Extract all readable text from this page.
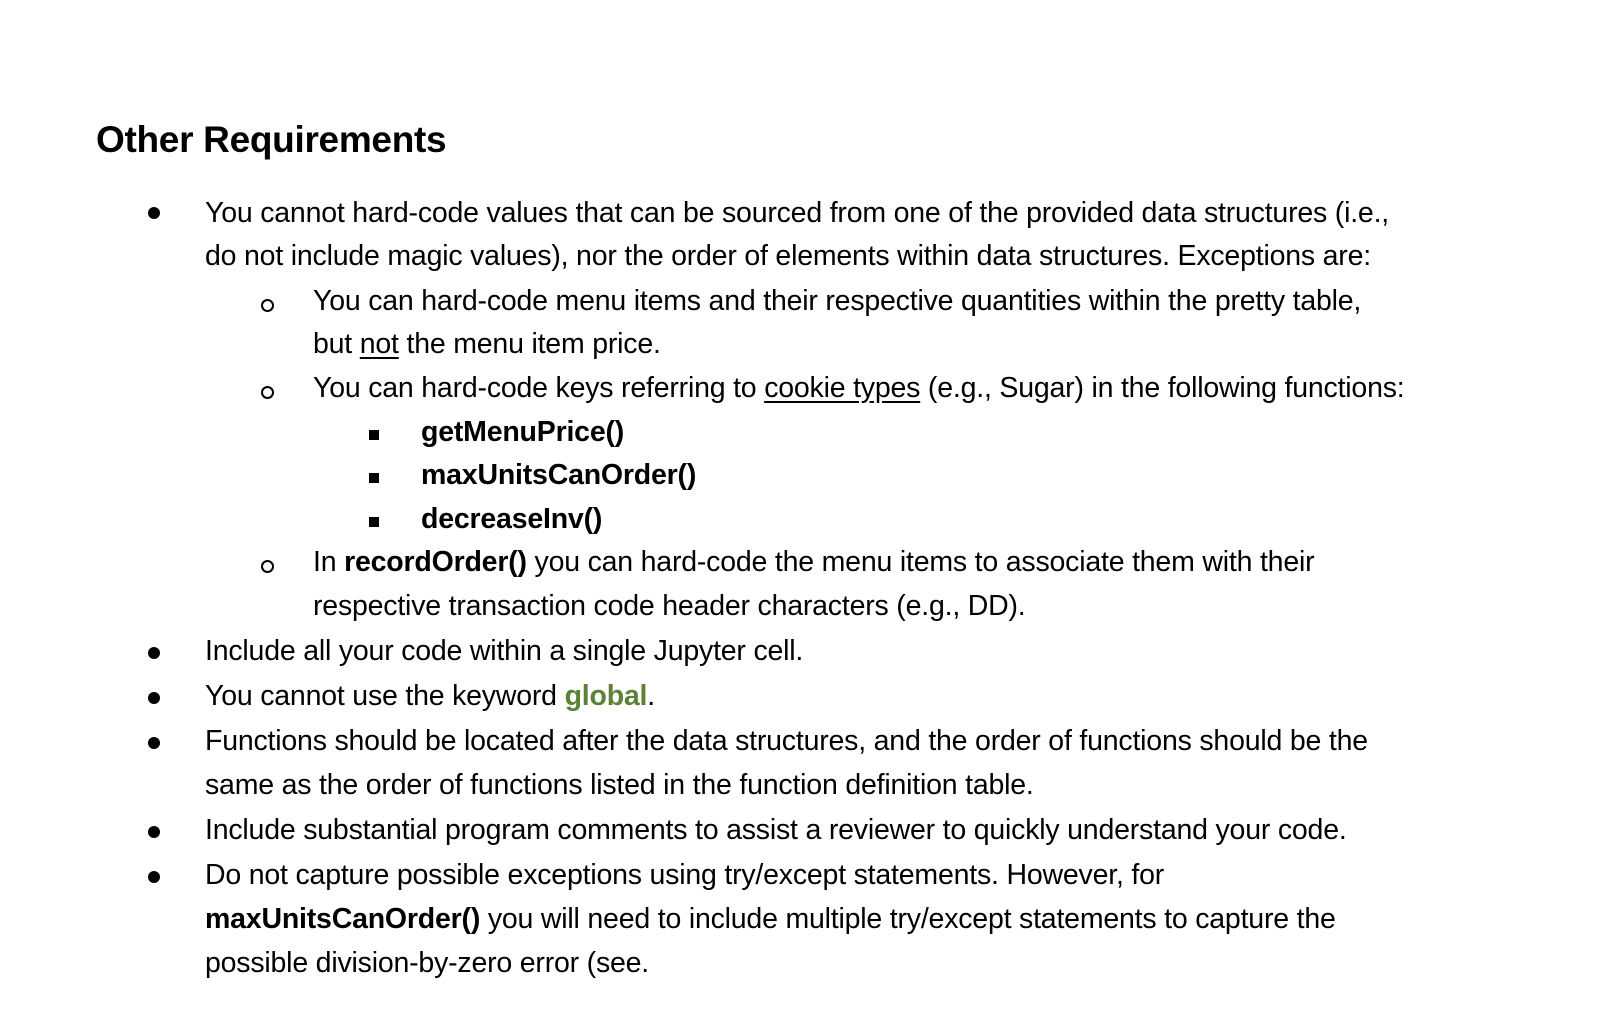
Other Requirements
You cannot hard-code values that can be sourced from one of the provided data structures (i.e.,
do not include magic values), nor the order of elements within data structures. Exceptions are:
You can hard-code menu items and their respective quantities within the pretty table,
but not the menu item price.
You can hard-code keys referring to cookie types (e.g., Sugar) in the following functions:
getMenuPrice()
maxUnitsCanOrder()
decreaseInv()
In recordOrder() you can hard-code the menu items to associate them with their
respective transaction code header characters (e.g., DD).
Include all your code within a single Jupyter cell.
You cannot use the keyword global.
Functions should be located after the data structures, and the order of functions should be the
same as the order of functions listed in the function definition table.
Include substantial program comments to assist a reviewer to quickly understand your code.
Do not capture possible exceptions using try/except statements. However, for
maxUnitsCanOrder() you will need to include multiple try/except statements to capture the
possible division-by-zero error (see.
